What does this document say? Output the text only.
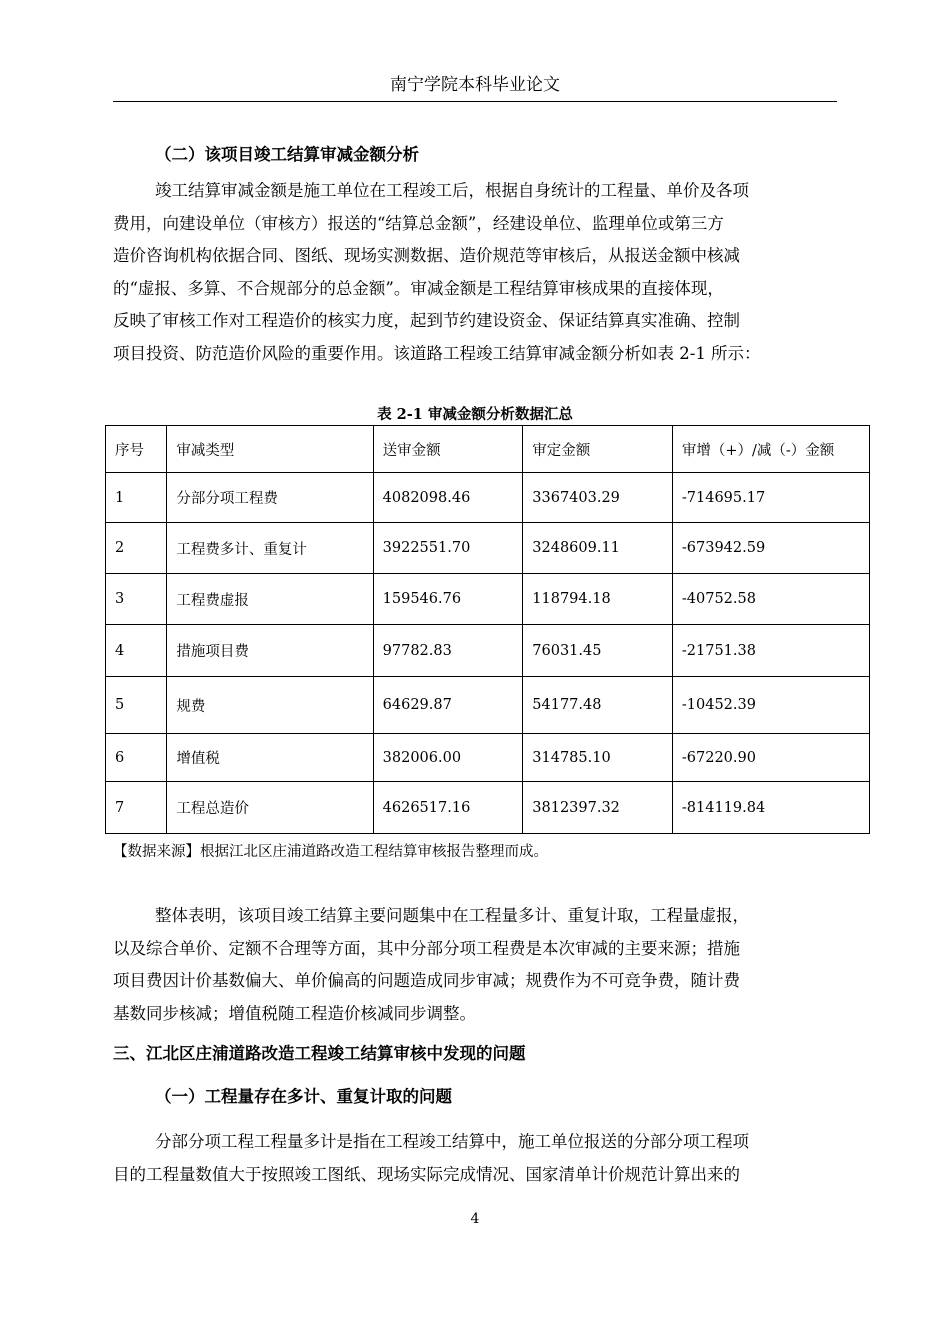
南宁学院本科毕业论文
（二）该项目竣工结算审减金额分析
竣工结算审减金额是施工单位在工程竣工后，根据自身统计的工程量、单价及各项
费用，向建设单位（审核方）报送的“结算总金额”，经建设单位、监理单位或第三方
造价咨询机构依据合同、图纸、现场实测数据、造价规范等审核后，从报送金额中核减
的“虚报、多算、不合规部分的总金额”。审减金额是工程结算审核成果的直接体现，
反映了审核工作对工程造价的核实力度，起到节约建设资金、保证结算真实准确、控制
项目投资、防范造价风险的重要作用。该道路工程竣工结算审减金额分析如表 2-1 所示：
表 2-1 审减金额分析数据汇总
序号	审减类型	送审金额	审定金额	审增（+）/减（-）金额
1	分部分项工程费	4082098.46	3367403.29	-714695.17
2	工程费多计、重复计	3922551.70	3248609.11	-673942.59
3	工程费虚报	159546.76	118794.18	-40752.58
4	措施项目费	97782.83	76031.45	-21751.38
5	规费	64629.87	54177.48	-10452.39
6	增值税	382006.00	314785.10	-67220.90
7	工程总造价	4626517.16	3812397.32	-814119.84
【数据来源】根据江北区庄浦道路改造工程结算审核报告整理而成。
整体表明，该项目竣工结算主要问题集中在工程量多计、重复计取，工程量虚报，
以及综合单价、定额不合理等方面，其中分部分项工程费是本次审减的主要来源；措施
项目费因计价基数偏大、单价偏高的问题造成同步审减；规费作为不可竞争费，随计费
基数同步核减；增值税随工程造价核减同步调整。
三、江北区庄浦道路改造工程竣工结算审核中发现的问题
（一）工程量存在多计、重复计取的问题
分部分项工程工程量多计是指在工程竣工结算中，施工单位报送的分部分项工程项
目的工程量数值大于按照竣工图纸、现场实际完成情况、国家清单计价规范计算出来的
4
